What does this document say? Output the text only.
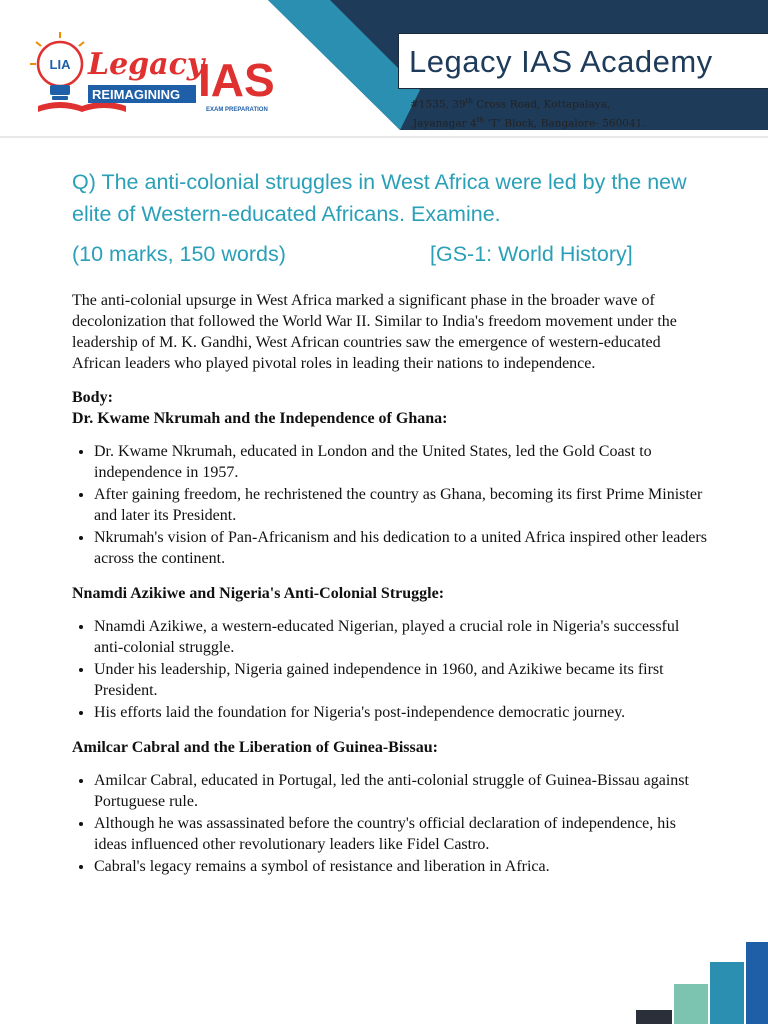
Legacy IAS Academy
#1535, 39th Cross Road, Kottapalaya,
Jayanagar 4th ‘T’ Block, Bangalore- 560041.
LIA Legacy
REIMAGINING IAS
EXAM PREPARATION
Q) The anti-colonial struggles in West Africa were led by the new elite of Western-educated Africans. Examine.
(10 marks, 150 words)	[GS-1: World History]

The anti-colonial upsurge in West Africa marked a significant phase in the broader wave of decolonization that followed the World War II. Similar to India's freedom movement under the leadership of M. K. Gandhi, West African countries saw the emergence of western-educated African leaders who played pivotal roles in leading their nations to independence.

Body:
Dr. Kwame Nkrumah and the Independence of Ghana:
• Dr. Kwame Nkrumah, educated in London and the United States, led the Gold Coast to independence in 1957.
• After gaining freedom, he rechristened the country as Ghana, becoming its first Prime Minister and later its President.
• Nkrumah's vision of Pan-Africanism and his dedication to a united Africa inspired other leaders across the continent.
Nnamdi Azikiwe and Nigeria's Anti-Colonial Struggle:
• Nnamdi Azikiwe, a western-educated Nigerian, played a crucial role in Nigeria's successful anti-colonial struggle.
• Under his leadership, Nigeria gained independence in 1960, and Azikiwe became its first President.
• His efforts laid the foundation for Nigeria's post-independence democratic journey.
Amilcar Cabral and the Liberation of Guinea-Bissau:
• Amilcar Cabral, educated in Portugal, led the anti-colonial struggle of Guinea-Bissau against Portuguese rule.
• Although he was assassinated before the country's official declaration of independence, his ideas influenced other revolutionary leaders like Fidel Castro.
• Cabral's legacy remains a symbol of resistance and liberation in Africa.
